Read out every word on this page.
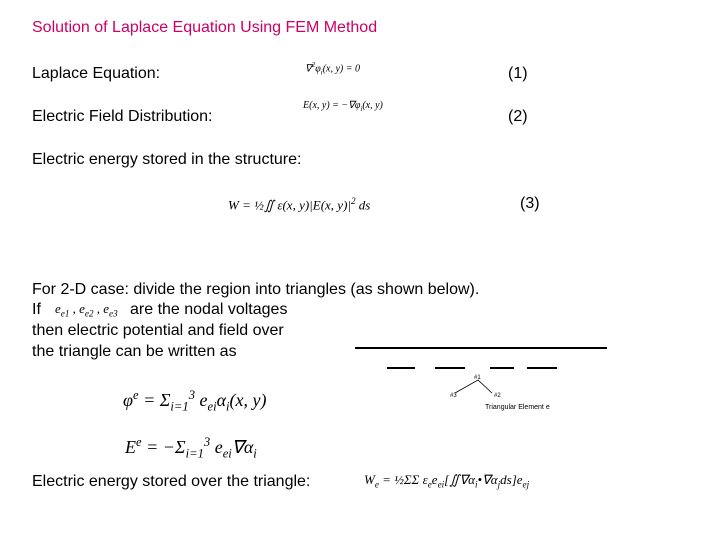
Solution of Laplace Equation Using FEM Method
Laplace Equation:	$\nabla^2\varphi_i(x$, y) = 0	(1)
Electric Field Distribution:
E(x, $y) = -\nabla\varphi_i(x$, y)
(2)
Electric energy stored in the structure:
(3)
W = ½∬ ε(x, y)|E(x, $y)|^2$ ds
For 2-D case: divide the region into triangles (as shown below).
If $e_{e1}$ , $e_{e2}$ , $e_{e3}$ are the nodal voltages
then electric potential and field over
the triangle can be written as
#1
#3	#2
Triangular Element e
$\varphi^e = \Sigma_{i=1}^3$ $e_{ei}\alpha_i(x$, y)
$E^e = -\Sigma_{i=1}^3$ $e_{ei}\nabla\alpha_i$
Electric energy stored over the triangle:	$W_e$ = ½ΣΣ $\varepsilon_ee_{ei}[∬\nabla\alpha_i•\nabla\alpha_jds]e_{ej}$
